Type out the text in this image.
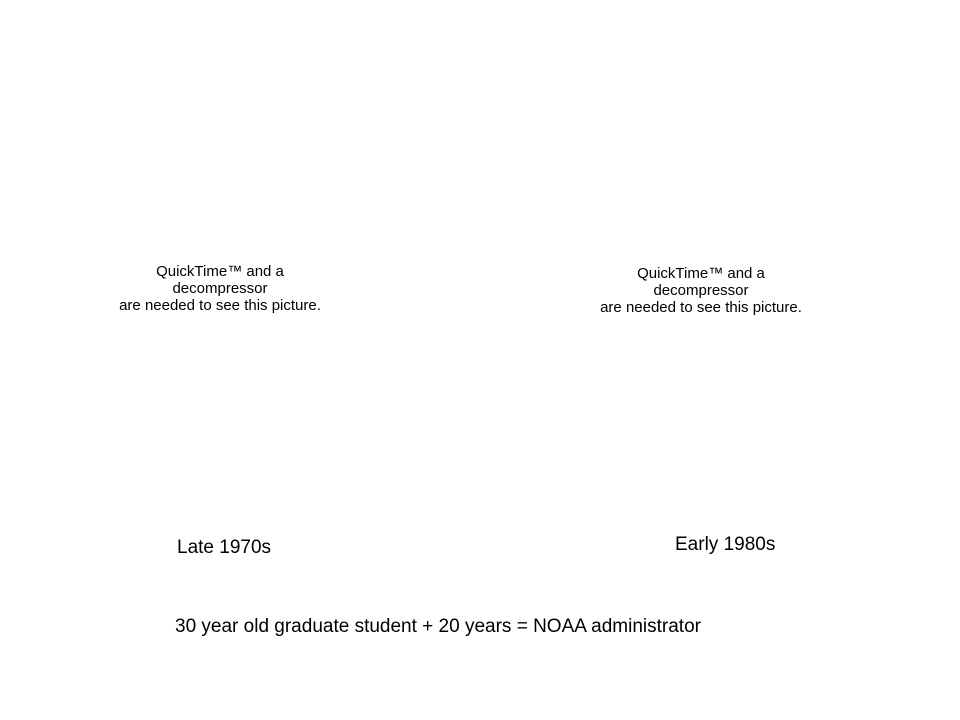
QuickTime™ and a
decompressor
are needed to see this picture.
QuickTime™ and a
decompressor
are needed to see this picture.
Late 1970s	Early 1980s
30 year old graduate student + 20 years = NOAA administrator
